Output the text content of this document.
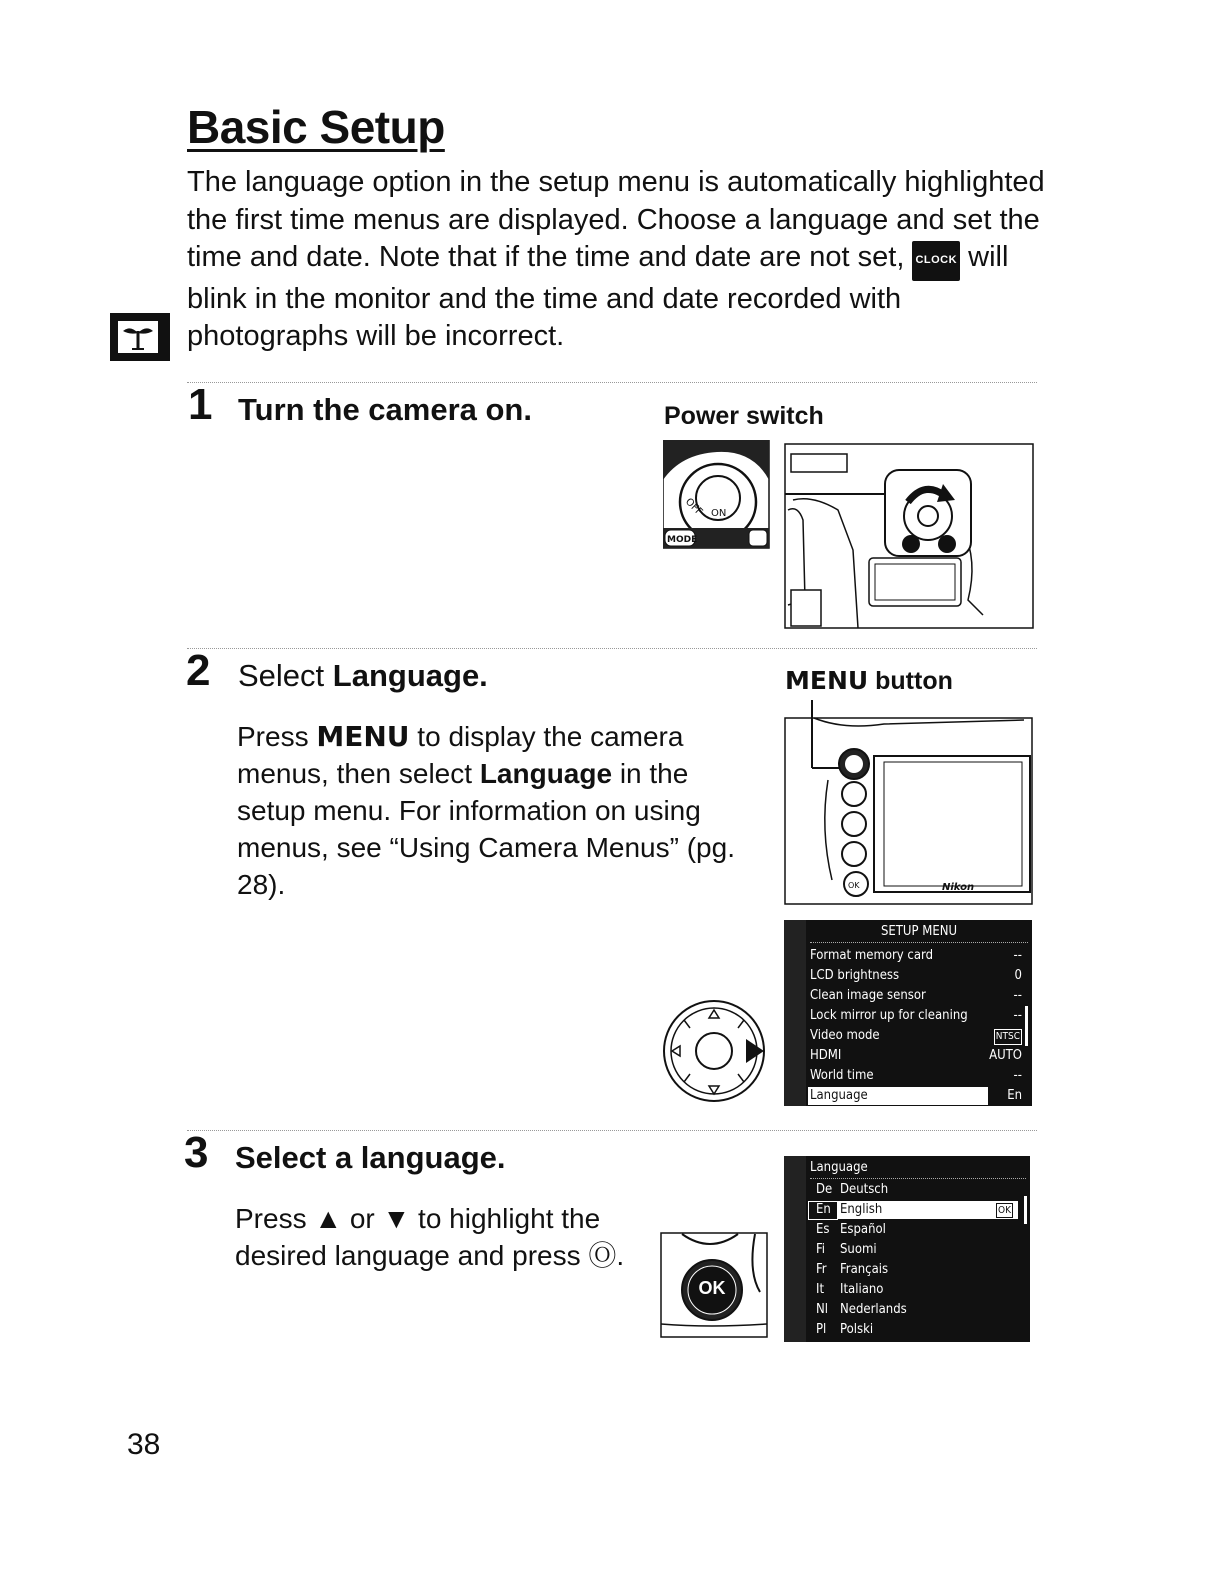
Basic Setup
The language option in the setup menu is automatically highlighted the first time menus are displayed. Choose a language and set the time and date. Note that if the time and date are not set, CLOCK will blink in the monitor and the time and date recorded with photographs will be incorrect.
1 Turn the camera on.	Power switch
OFF ON
MODE
2 Select Language.
Press MENU to display the camera menus, then select Language in the setup menu. For information on using menus, see “Using Camera Menus” (pg. 28).
MENU button
OK	Nikon
SETUP MENU
Format memory card	--
LCD brightness	0
Clean image sensor	--
Lock mirror up for cleaning	--
Video mode	NTSC
HDMI	AUTO
World time	--
Language	En
3 Select a language.
Press ▲ or ▼ to highlight the desired language and press Ⓞ.
OK
Language
De Deutsch
En English	OK
Es Español
Fi Suomi
Fr Français
It Italiano
Nl Nederlands
Pl Polski
38
